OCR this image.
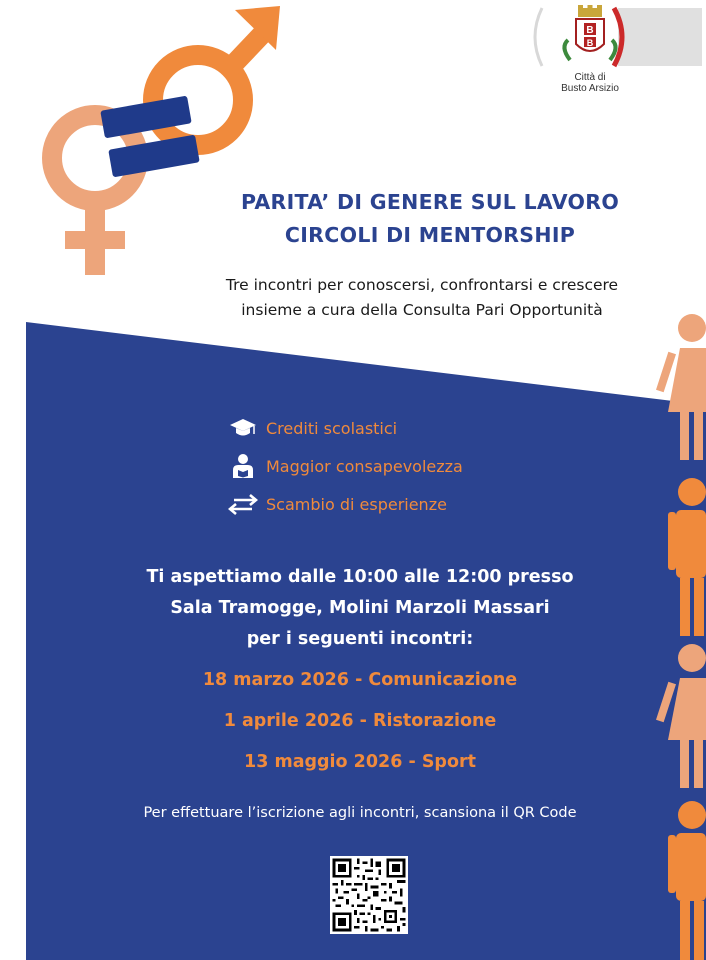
B
B
Città di
Busto Arsizio
PARITA’ DI GENERE SUL LAVORO
CIRCOLI DI MENTORSHIP
Tre incontri per conoscersi, confrontarsi e crescere
insieme a cura della Consulta Pari Opportunità
Crediti scolastici
Maggior consapevolezza
Scambio di esperienze
Ti aspettiamo dalle 10:00 alle 12:00 presso
Sala Tramogge, Molini Marzoli Massari
per i seguenti incontri:
18 marzo 2026 - Comunicazione
1 aprile 2026 - Ristorazione
13 maggio 2026 - Sport
Per effettuare l’iscrizione agli incontri, scansiona il QR Code
